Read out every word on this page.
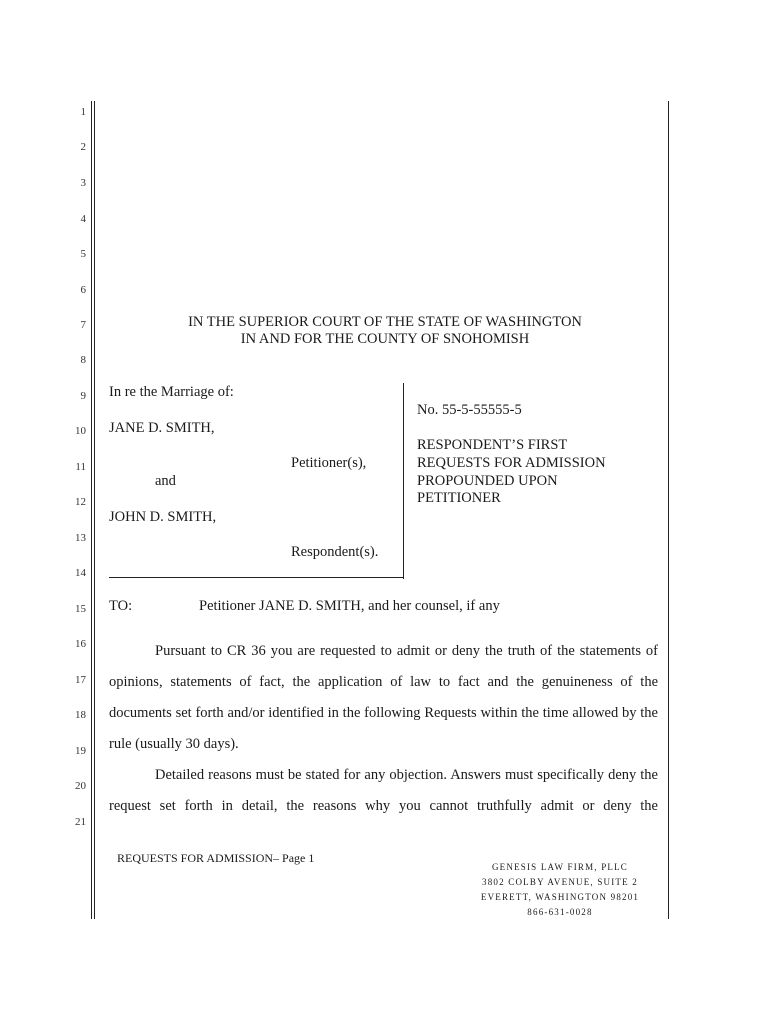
1
2
3
4
5
6
7
8
9
10
11
12
13
14
15
16
17
18
19
20
21
IN THE SUPERIOR COURT OF THE STATE OF WASHINGTON
IN AND FOR THE COUNTY OF SNOHOMISH
In re the Marriage of:
JANE D. SMITH,
Petitioner(s),
and
JOHN D. SMITH,
Respondent(s).
No. 55-5-55555-5
RESPONDENT’S FIRST
REQUESTS FOR ADMISSION
PROPOUNDED UPON
PETITIONER
TO:	Petitioner JANE D. SMITH, and her counsel, if any
Pursuant to CR 36 you are requested to admit or deny the truth of the statements of opinions, statements of fact, the application of law to fact and the genuineness of the documents set forth and/or identified in the following Requests within the time allowed by the rule (usually 30 days).
Detailed reasons must be stated for any objection. Answers must specifically deny the request set forth in detail, the reasons why you cannot truthfully admit or deny the
REQUESTS FOR ADMISSION– Page 1
GENESIS LAW FIRM, PLLC
3802 COLBY AVENUE, SUITE 2
EVERETT, WASHINGTON 98201
866-631-0028
